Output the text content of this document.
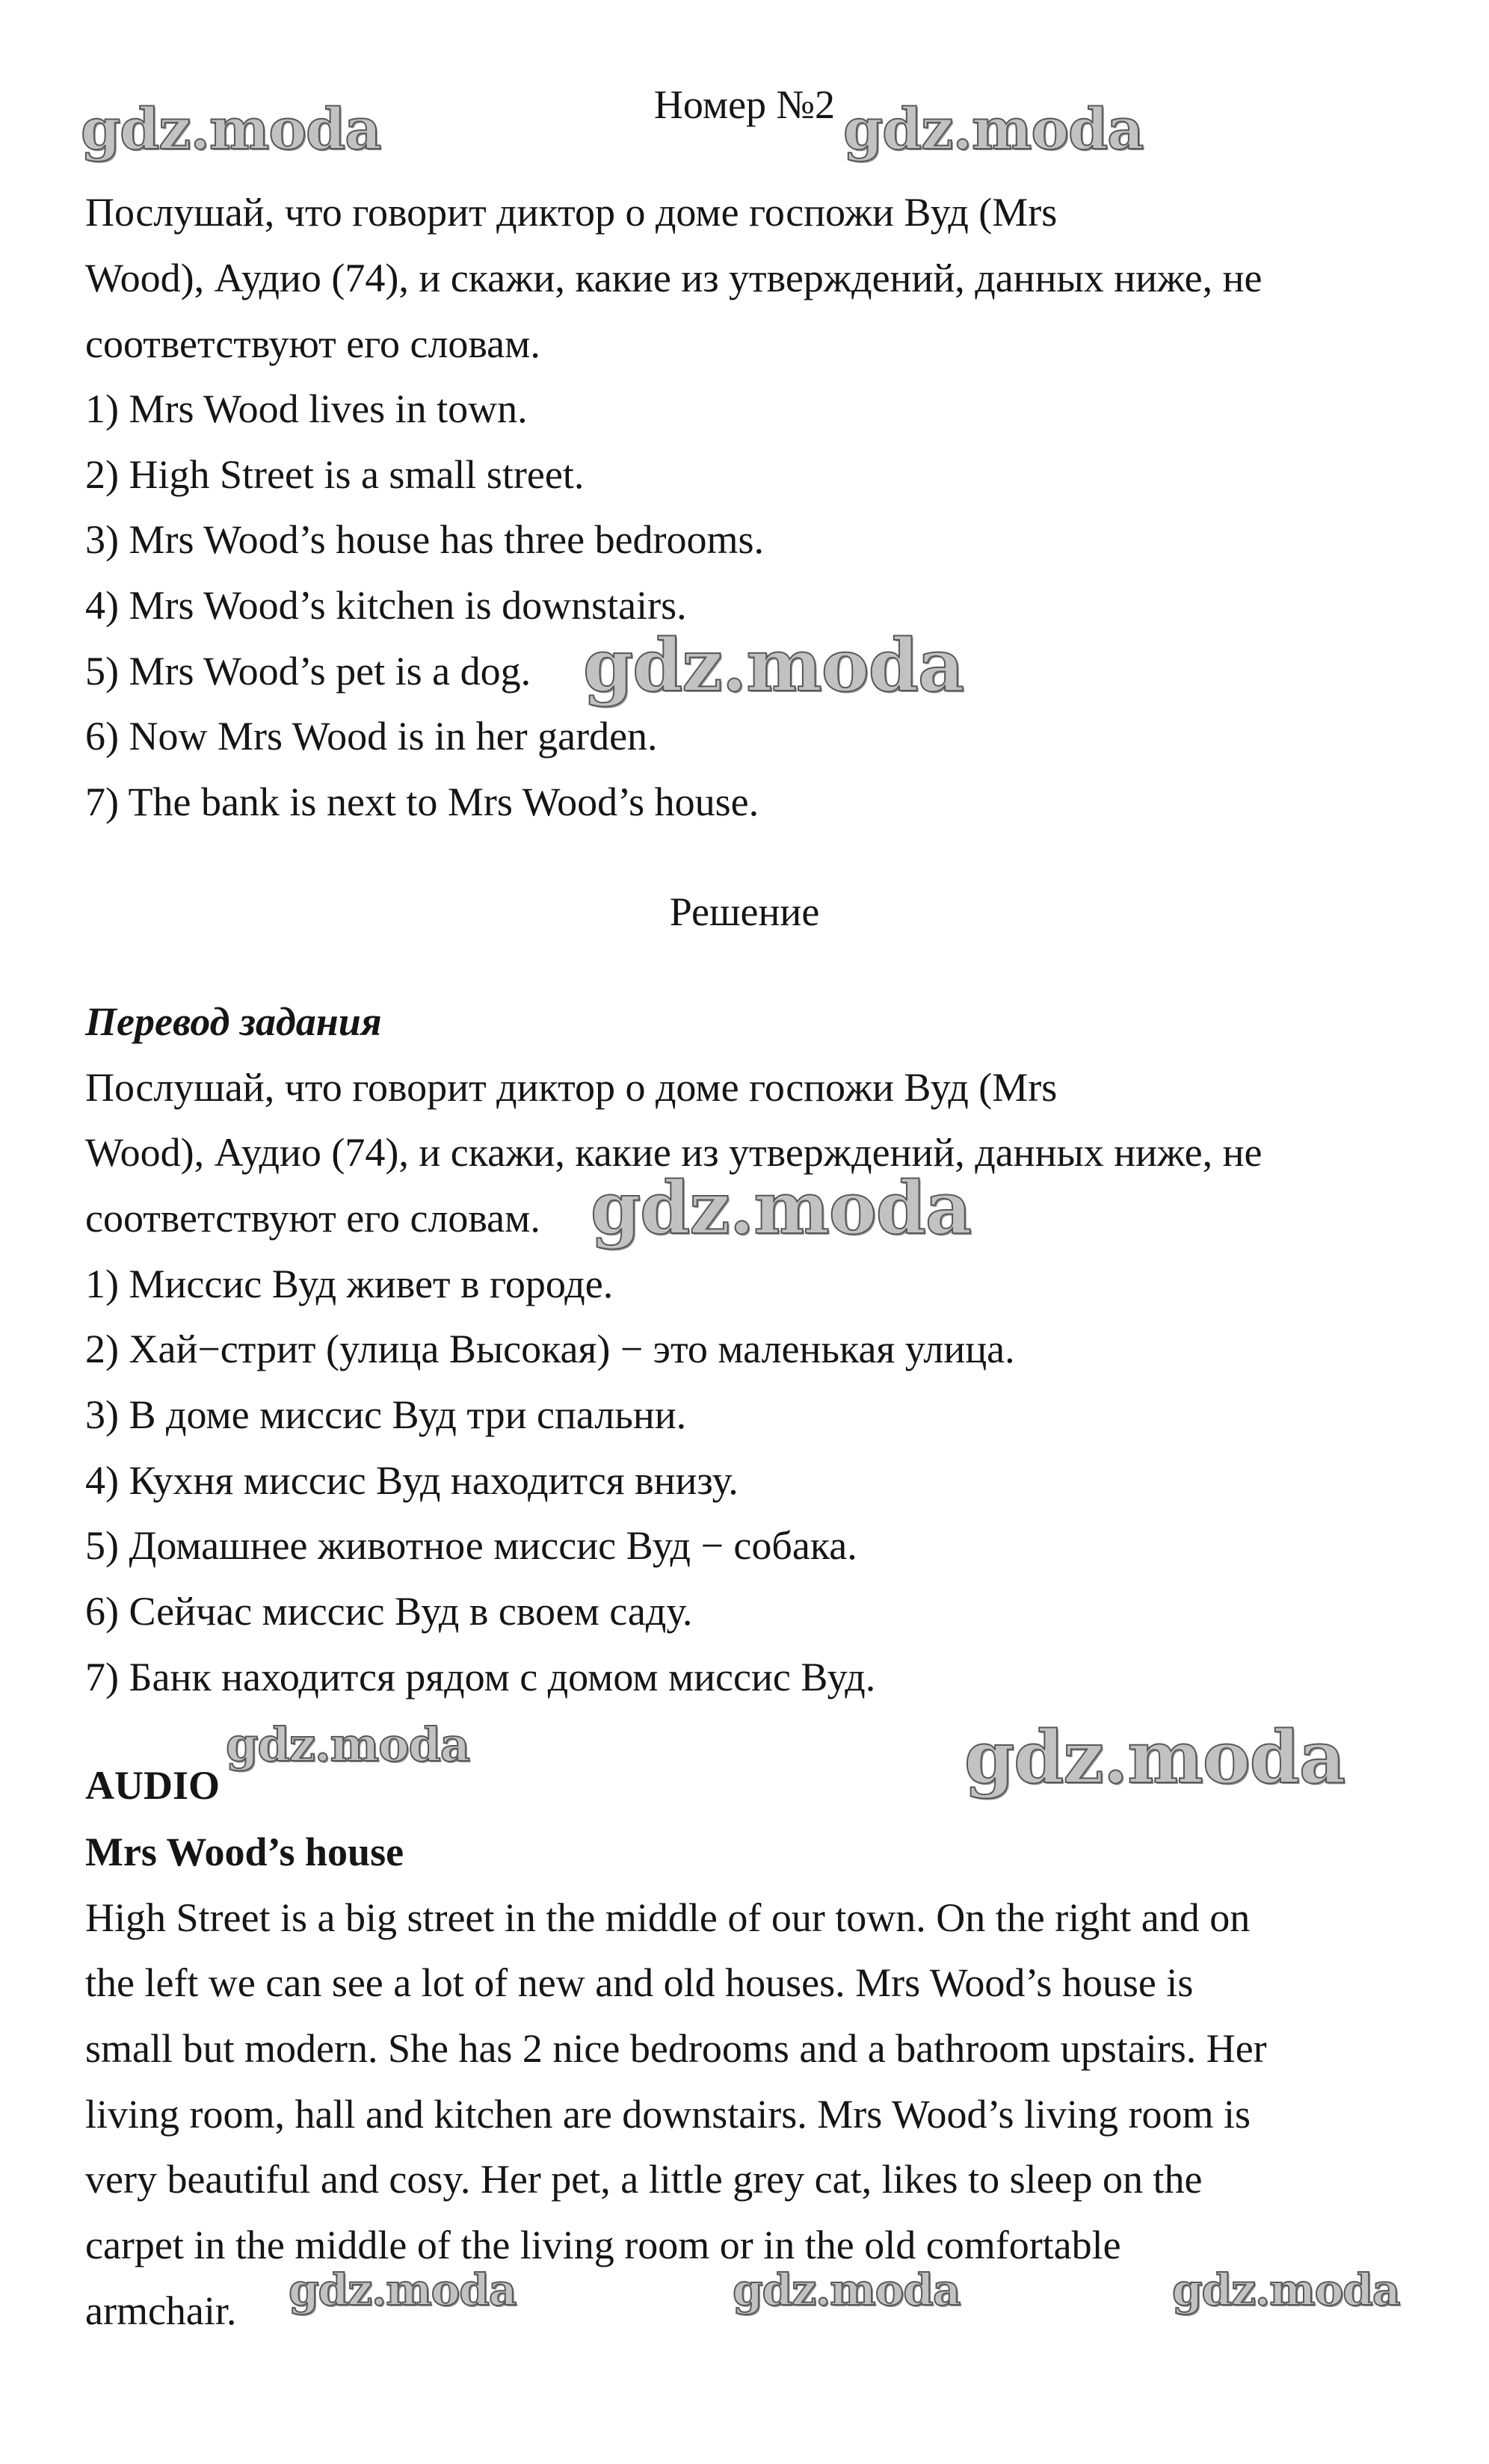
Номер №2

Послушай, что говорит диктор о доме госпожи Вуд (Mrs

Wood), Аудио (74), и скажи, какие из утверждений, данных ниже, не

соответствуют его словам.

1) Mrs Wood lives in town.

2) High Street is a small street.

3) Mrs Wood’s house has three bedrooms.

4) Mrs Wood’s kitchen is downstairs.

5) Mrs Wood’s pet is a dog.

6) Now Mrs Wood is in her garden.

7) The bank is next to Mrs Wood’s house.

Решение

Перевод задания

Послушай, что говорит диктор о доме госпожи Вуд (Mrs

Wood), Аудио (74), и скажи, какие из утверждений, данных ниже, не

соответствуют его словам.

1) Миссис Вуд живет в городе.

2) Хай−стрит (улица Высокая) − это маленькая улица.

3) В доме миссис Вуд три спальни.

4) Кухня миссис Вуд находится внизу.

5) Домашнее животное миссис Вуд − собака.

6) Сейчас миссис Вуд в своем саду.

7) Банк находится рядом с домом миссис Вуд.

AUDIO

Mrs Wood’s house

High Street is a big street in the middle of our town. On the right and on

the left we can see a lot of new and old houses. Mrs Wood’s house is

small but modern. She has 2 nice bedrooms and a bathroom upstairs. Her

living room, hall and kitchen are downstairs. Mrs Wood’s living room is

very beautiful and cosy. Her pet, a little grey cat, likes to sleep on the

carpet in the middle of the living room or in the old comfortable

armchair.

gdz.moda	gdz.moda

gdz.moda

gdz.moda

gdz.moda	gdz.moda

gdz.moda	gdz.moda	gdz.moda
